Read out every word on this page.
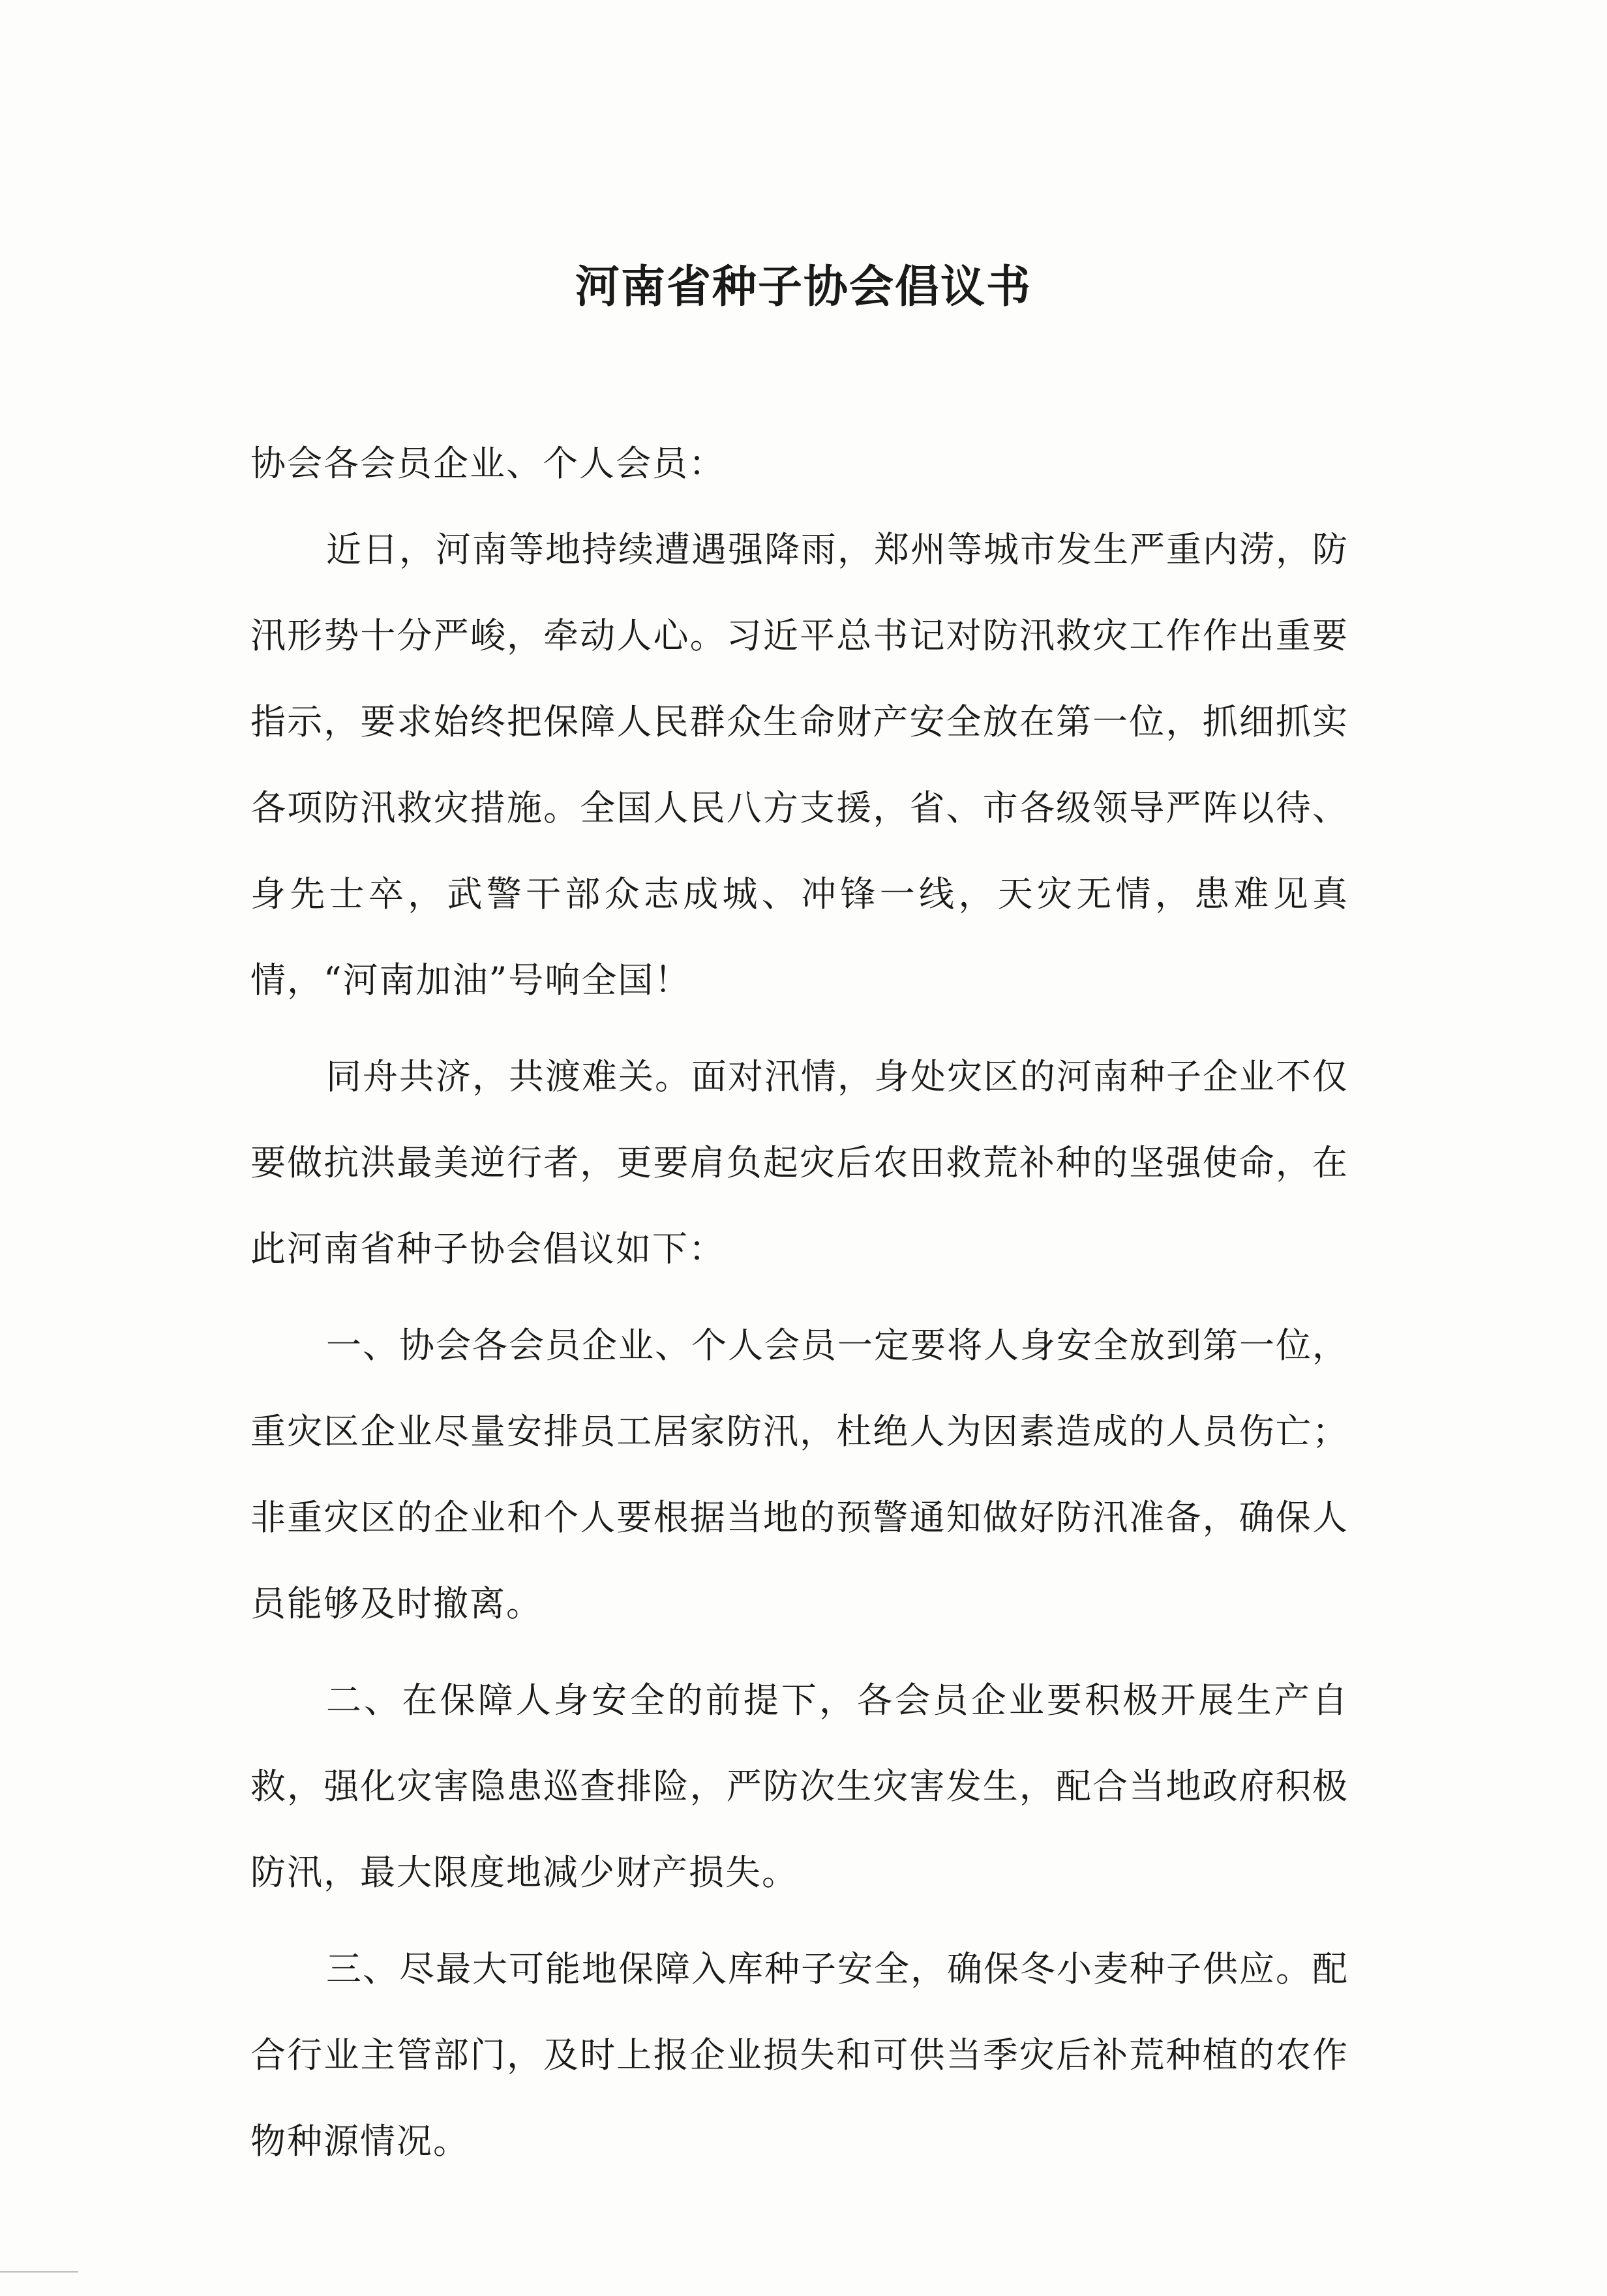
河南省种子协会倡议书

协会各会员企业、个人会员：

近日，河南等地持续遭遇强降雨，郑州等城市发生严重内涝，防汛形势十分严峻，牵动人心。习近平总书记对防汛救灾工作作出重要指示，要求始终把保障人民群众生命财产安全放在第一位，抓细抓实各项防汛救灾措施。全国人民八方支援，省、市各级领导严阵以待、身先士卒，武警干部众志成城、冲锋一线，天灾无情，患难见真情，“河南加油”号响全国！

同舟共济，共渡难关。面对汛情，身处灾区的河南种子企业不仅要做抗洪最美逆行者，更要肩负起灾后农田救荒补种的坚强使命，在此河南省种子协会倡议如下：

一、协会各会员企业、个人会员一定要将人身安全放到第一位，重灾区企业尽量安排员工居家防汛，杜绝人为因素造成的人员伤亡；非重灾区的企业和个人要根据当地的预警通知做好防汛准备，确保人员能够及时撤离。

二、在保障人身安全的前提下，各会员企业要积极开展生产自救，强化灾害隐患巡查排险，严防次生灾害发生，配合当地政府积极防汛，最大限度地减少财产损失。

三、尽最大可能地保障入库种子安全，确保冬小麦种子供应。配合行业主管部门，及时上报企业损失和可供当季灾后补荒种植的农作物种源情况。
